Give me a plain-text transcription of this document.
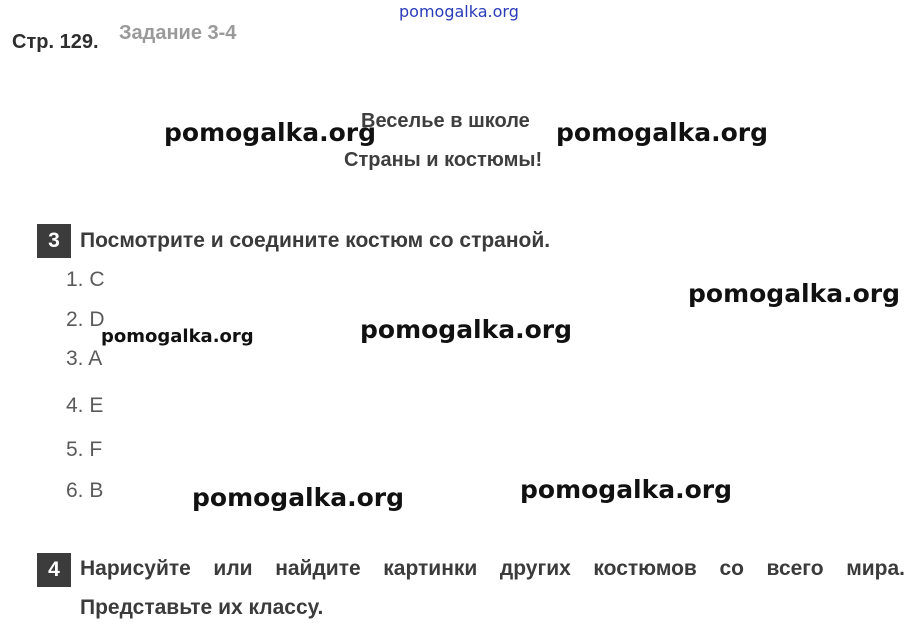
pomogalka.org
Стр. 129. Задание 3-4
Веселье в школе
Страны и костюмы!
3 Посмотрите и соедините костюм со страной.
1. C
2. D
3. A
4. E
5. F
6. B
4 Нарисуйте или найдите картинки других костюмов со всего мира.
Представьте их классу.
pomogalka.org	pomogalka.org
pomogalka.org
pomogalka.org
pomogalka.org
pomogalka.org	pomogalka.org
